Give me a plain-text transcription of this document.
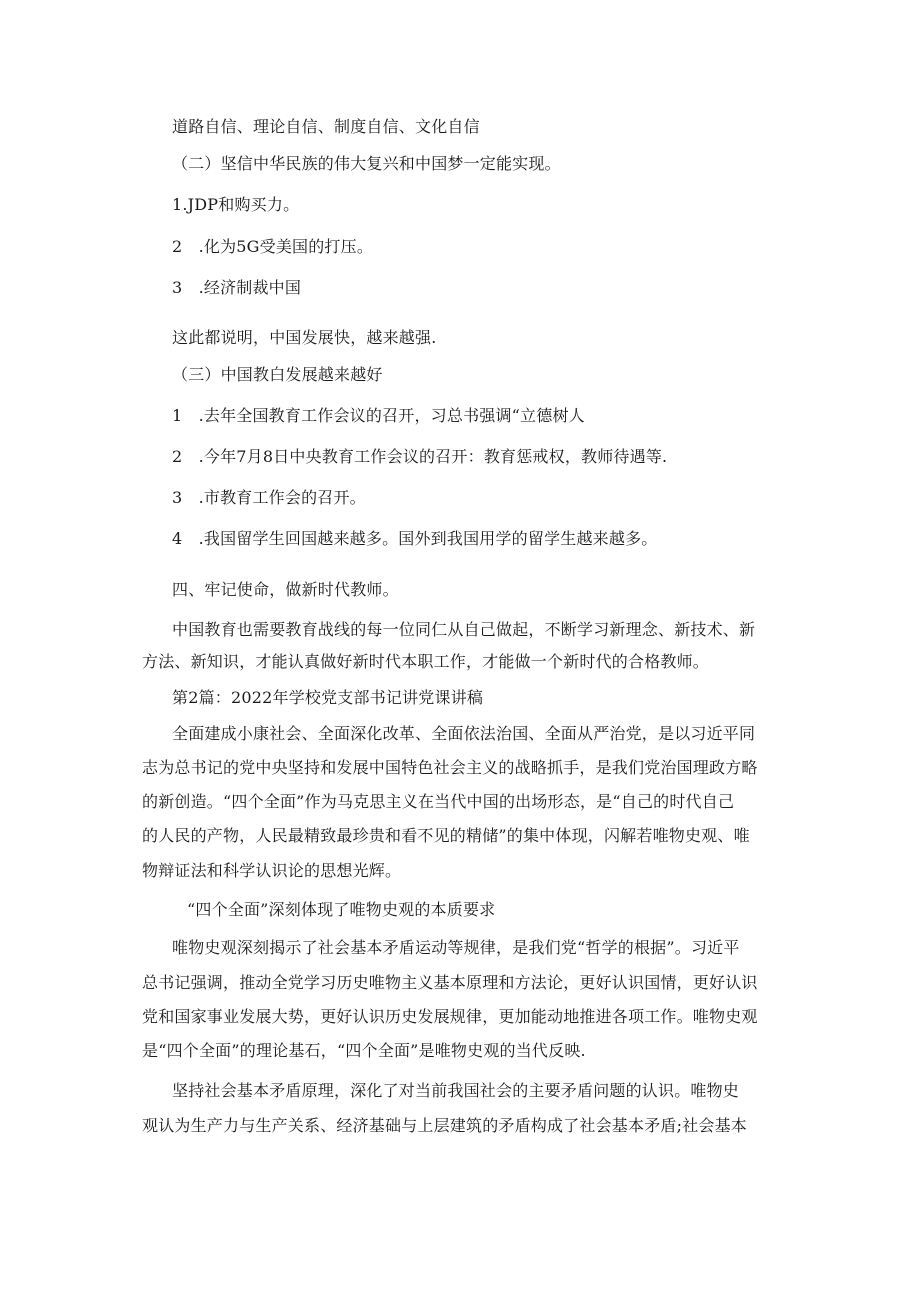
道路自信、理论自信、制度自信、文化自信
（二）坚信中华民族的伟大复兴和中国梦一定能实现。
1.JDP和购买力。
2　.化为5G受美国的打压。
3　.经济制裁中国
这此都说明，中国发展快，越来越强.
（三）中国教白发展越来越好
1　.去年全国教育工作会议的召开，习总书强调“立德树人
2　.今年7月8日中央教育工作会议的召开：教育惩戒权，教师待遇等.
3　.市教育工作会的召开。
4　.我国留学生回国越来越多。国外到我国用学的留学生越来越多。
四、牢记使命，做新时代教师。
中国教育也需要教育战线的每一位同仁从自己做起，不断学习新理念、新技术、新
方法、新知识，才能认真做好新时代本职工作，才能做一个新时代的合格教师。
第2篇：2022年学校党支部书记讲党课讲稿
全面建成小康社会、全面深化改革、全面依法治国、全面从严治党，是以习近平同
志为总书记的党中央坚持和发展中国特色社会主义的战略抓手，是我们党治国理政方略
的新创造。“四个全面”作为马克思主义在当代中国的出场形态，是“自己的时代自己
的人民的产物，人民最精致最珍贵和看不见的精储”的集中体现，闪解若唯物史观、唯
物辩证法和科学认识论的思想光辉。
“四个全面”深刻体现了唯物史观的本质要求
唯物史观深刻揭示了社会基本矛盾运动等规律，是我们党“哲学的根据”。习近平
总书记强调，推动全党学习历史唯物主义基本原理和方法论，更好认识国情，更好认识
党和国家事业发展大势，更好认识历史发展规律，更加能动地推进各项工作。唯物史观
是“四个全面”的理论基石，“四个全面”是唯物史观的当代反映.
坚持社会基本矛盾原理，深化了对当前我国社会的主要矛盾问题的认识。唯物史
观认为生产力与生产关系、经济基础与上层建筑的矛盾构成了社会基本矛盾;社会基本
